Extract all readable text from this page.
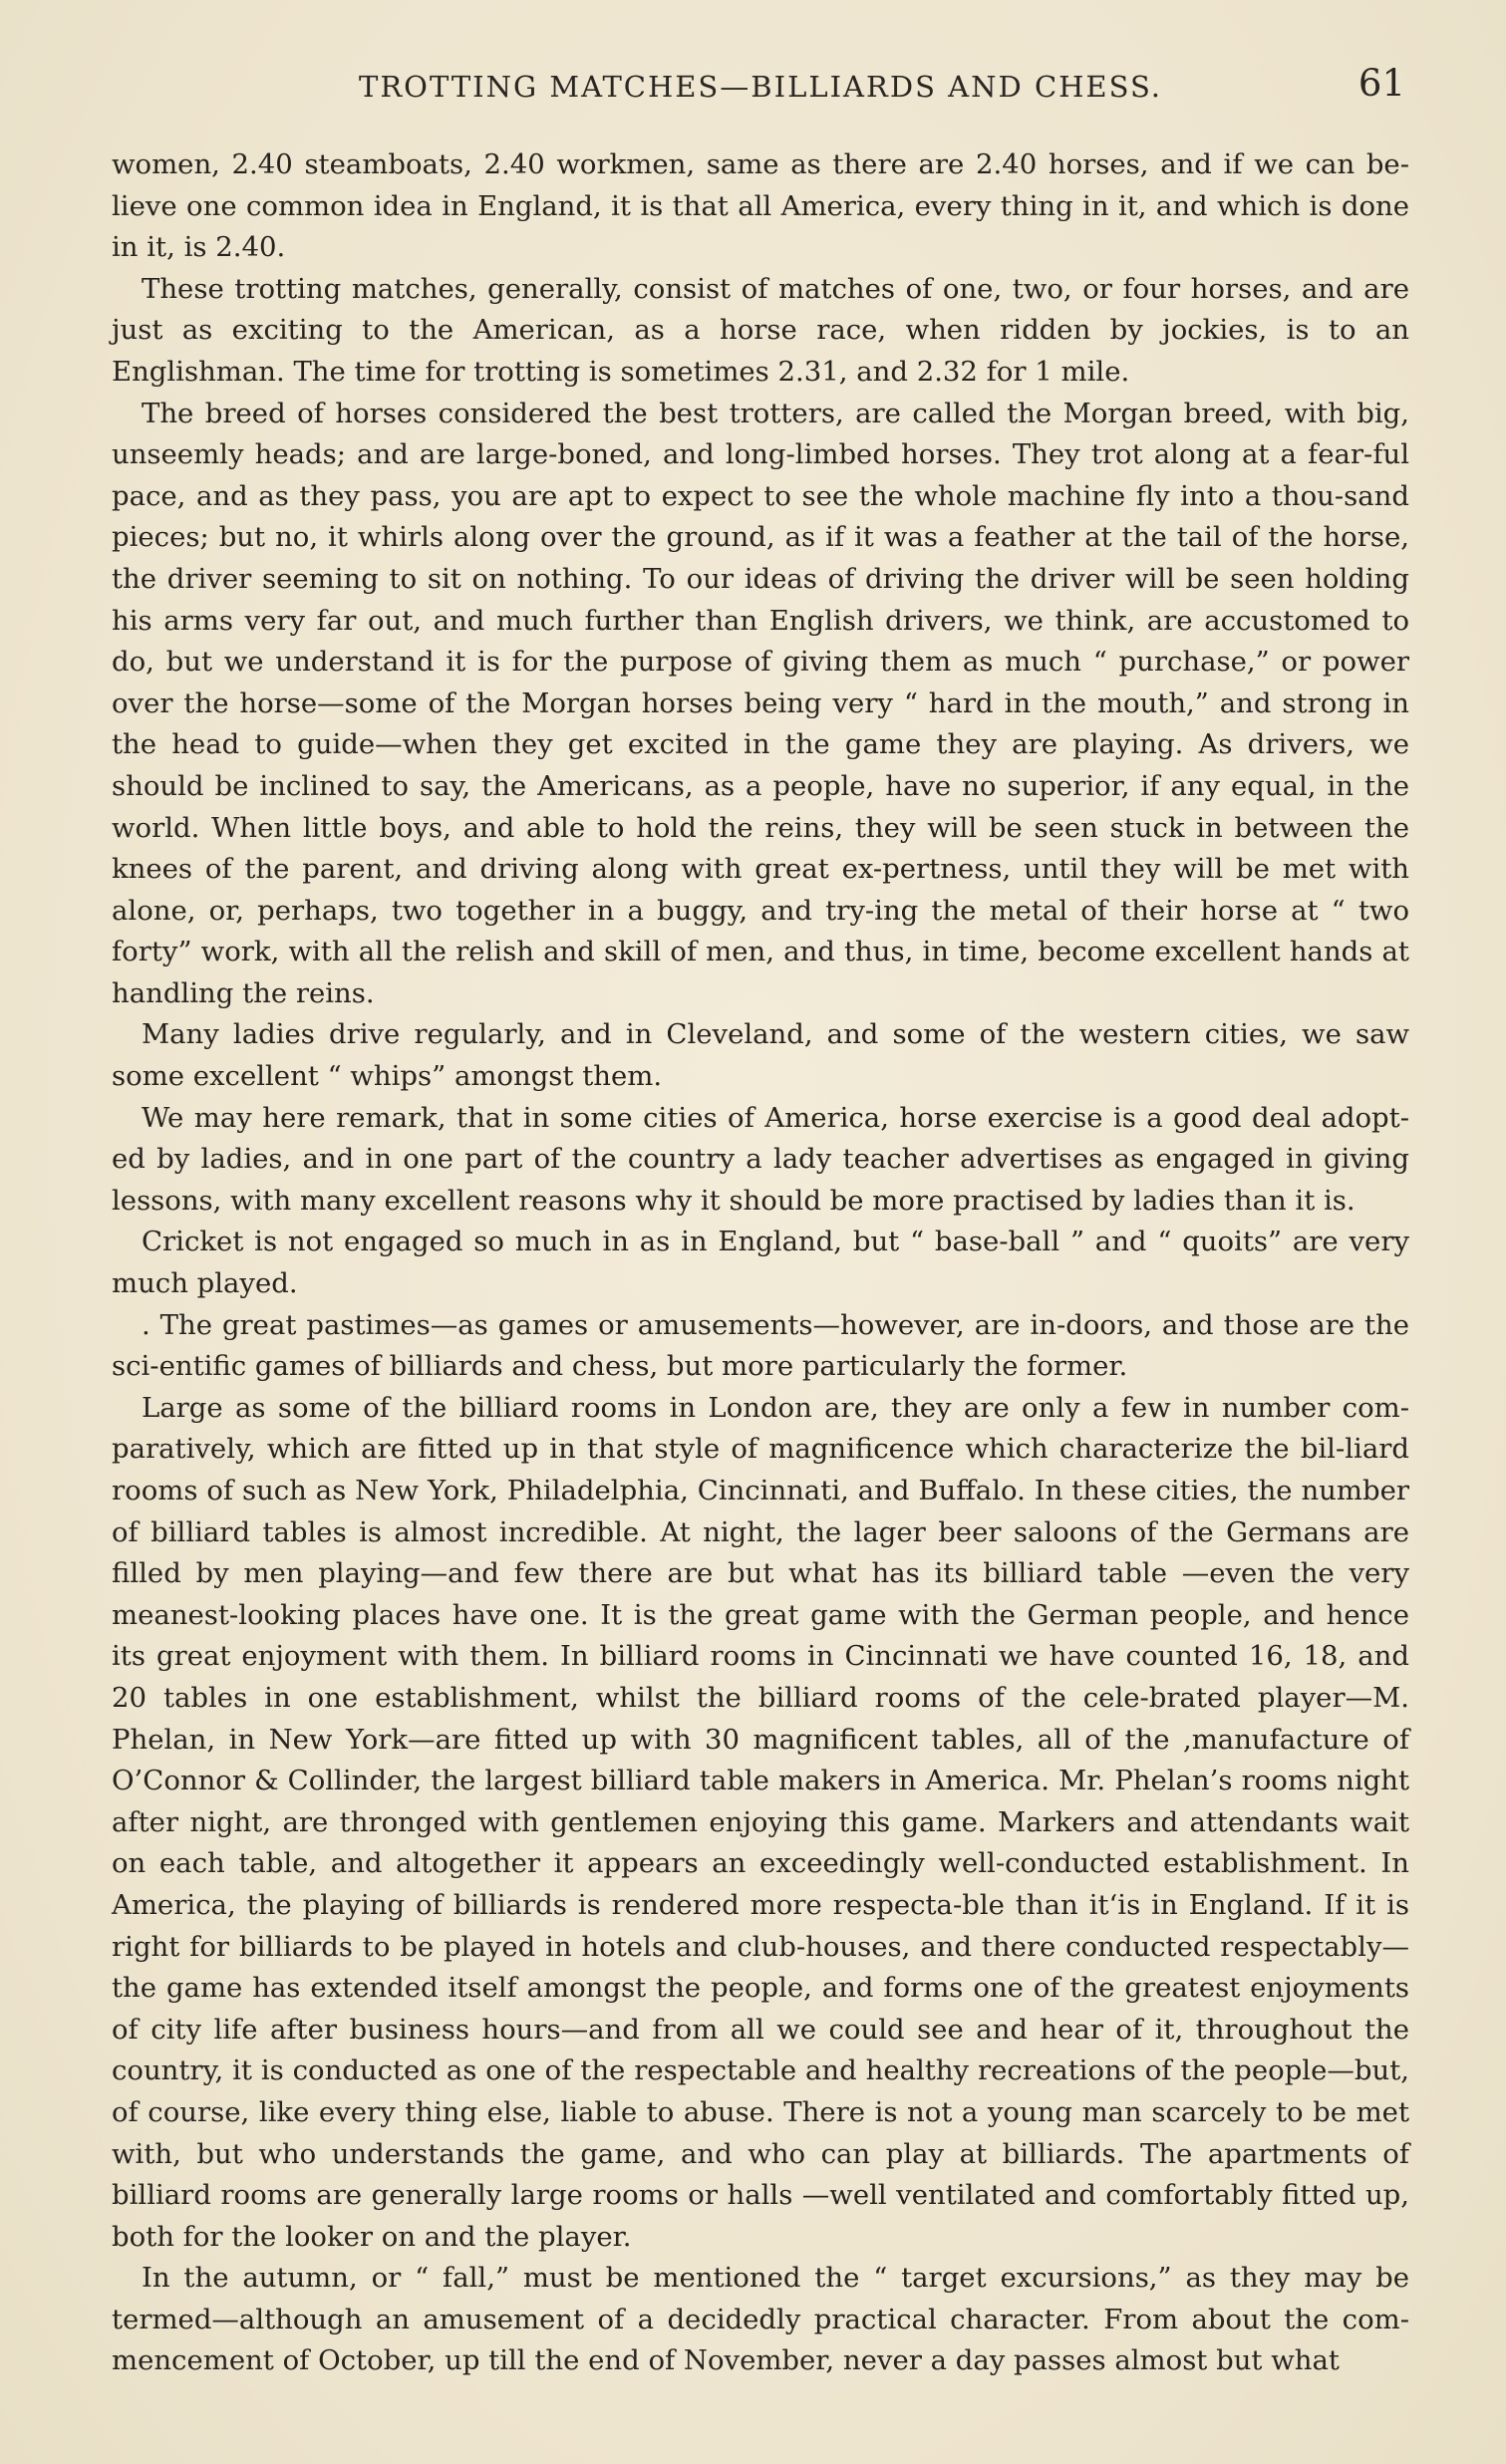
TROTTING MATCHES—BILLIARDS AND CHESS.	61

women, 2.40 steamboats, 2.40 workmen, same as there are 2.40 horses, and if we can be-lieve one common idea in England, it is that all America, every thing in it, and which is done in it, is 2.40.

These trotting matches, generally, consist of matches of one, two, or four horses, and are just as exciting to the American, as a horse race, when ridden by jockies, is to an Englishman. The time for trotting is sometimes 2.31, and 2.32 for 1 mile.

The breed of horses considered the best trotters, are called the Morgan breed, with big, unseemly heads; and are large-boned, and long-limbed horses. They trot along at a fear-ful pace, and as they pass, you are apt to expect to see the whole machine fly into a thou-sand pieces; but no, it whirls along over the ground, as if it was a feather at the tail of the horse, the driver seeming to sit on nothing. To our ideas of driving the driver will be seen holding his arms very far out, and much further than English drivers, we think, are accustomed to do, but we understand it is for the purpose of giving them as much “ purchase,” or power over the horse—some of the Morgan horses being very “ hard in the mouth,” and strong in the head to guide—when they get excited in the game they are playing. As drivers, we should be inclined to say, the Americans, as a people, have no superior, if any equal, in the world. When little boys, and able to hold the reins, they will be seen stuck in between the knees of the parent, and driving along with great ex-pertness, until they will be met with alone, or, perhaps, two together in a buggy, and try-ing the metal of their horse at “ two forty” work, with all the relish and skill of men, and thus, in time, become excellent hands at handling the reins.

Many ladies drive regularly, and in Cleveland, and some of the western cities, we saw some excellent “ whips” amongst them.

We may here remark, that in some cities of America, horse exercise is a good deal adopt-ed by ladies, and in one part of the country a lady teacher advertises as engaged in giving lessons, with many excellent reasons why it should be more practised by ladies than it is.

Cricket is not engaged so much in as in England, but “ base-ball ” and “ quoits” are very much played.

. The great pastimes—as games or amusements—however, are in-doors, and those are the sci-entific games of billiards and chess, but more particularly the former.

Large as some of the billiard rooms in London are, they are only a few in number com-paratively, which are fitted up in that style of magnificence which characterize the bil-liard rooms of such as New York, Philadelphia, Cincinnati, and Buffalo. In these cities, the number of billiard tables is almost incredible. At night, the lager beer saloons of the Germans are filled by men playing—and few there are but what has its billiard table —even the very meanest-looking places have one. It is the great game with the German people, and hence its great enjoyment with them. In billiard rooms in Cincinnati we have counted 16, 18, and 20 tables in one establishment, whilst the billiard rooms of the cele-brated player—M. Phelan, in New York—are fitted up with 30 magnificent tables, all of the ,manufacture of O’Connor & Collinder, the largest billiard table makers in America. Mr. Phelan’s rooms night after night, are thronged with gentlemen enjoying this game. Markers and attendants wait on each table, and altogether it appears an exceedingly well-conducted establishment. In America, the playing of billiards is rendered more respecta-ble than it‘is in England. If it is right for billiards to be played in hotels and club-houses, and there conducted respectably—the game has extended itself amongst the people, and forms one of the greatest enjoyments of city life after business hours—and from all we could see and hear of it, throughout the country, it is conducted as one of the respectable and healthy recreations of the people—but, of course, like every thing else, liable to abuse. There is not a young man scarcely to be met with, but who understands the game, and who can play at billiards. The apartments of billiard rooms are generally large rooms or halls —well ventilated and comfortably fitted up, both for the looker on and the player.

In the autumn, or “ fall,” must be mentioned the “ target excursions,” as they may be termed—although an amusement of a decidedly practical character. From about the com-mencement of October, up till the end of November, never a day passes almost but what
